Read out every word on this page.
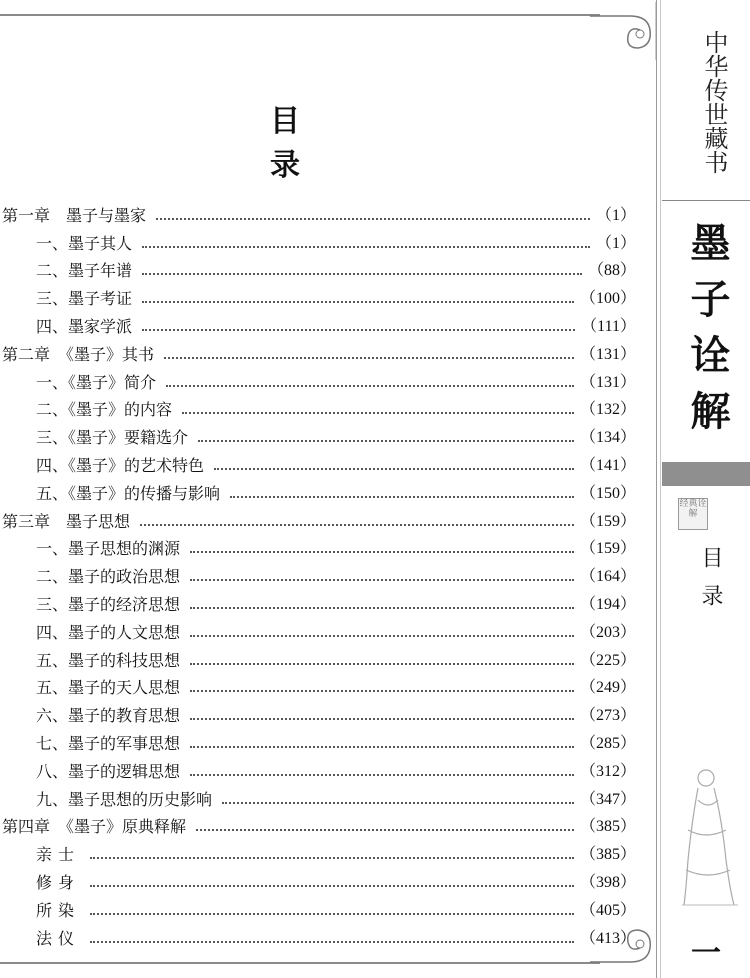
目　录
第一章　墨子与墨家	（1）
一、墨子其人	（1）
二、墨子年谱	（88）
三、墨子考证	（100）
四、墨家学派	（111）
第二章　《墨子》其书	（131）
一、《墨子》简介	（131）
二、《墨子》的内容	（132）
三、《墨子》要籍选介	（134）
四、《墨子》的艺术特色	（141）
五、《墨子》的传播与影响	（150）
第三章　墨子思想	（159）
一、墨子思想的渊源	（159）
二、墨子的政治思想	（164）
三、墨子的经济思想	（194）
四、墨子的人文思想	（203）
五、墨子的科技思想	（225）
五、墨子的天人思想	（249）
六、墨子的教育思想	（273）
七、墨子的军事思想	（285）
八、墨子的逻辑思想	（312）
九、墨子思想的历史影响	（347）
第四章　《墨子》原典释解	（385）
亲士	（385）
修身	（398）
所染	（405）
法仪	（413）
中华传世藏书
墨子诠解
经典诠解
目录
一
